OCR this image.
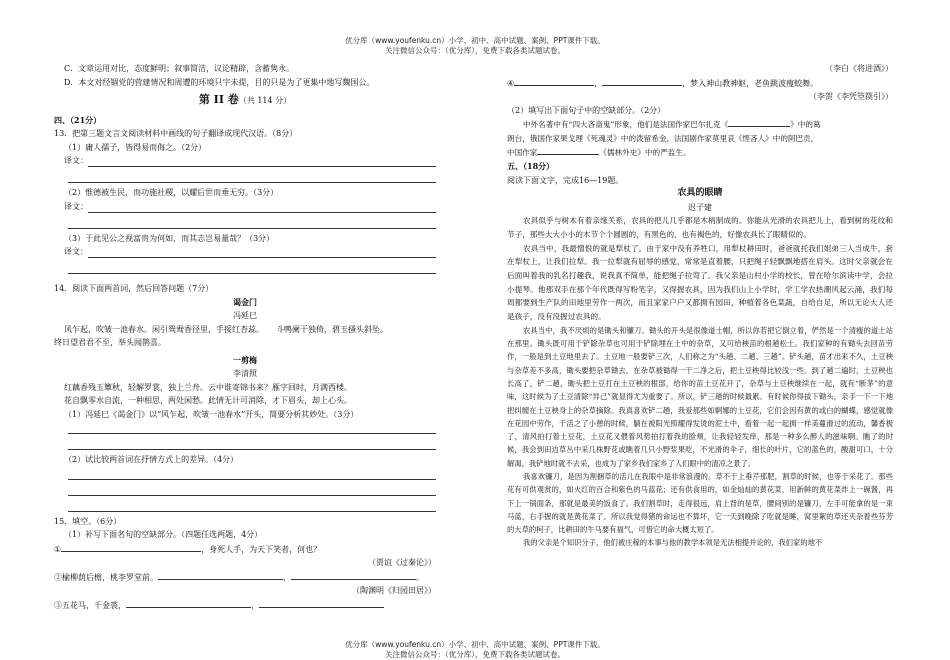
优分库（www.youfenku.cn）小学、初中、高中试题、案例、PPT课件下载。
关注微信公众号：（优分库），免费下载各类试题试卷。
C．文章运用对比，态度鲜明；叙事简洁，议论精辟，含蓄隽永。
D．本文对经锢党的营建情况和周遭的环境只字未提，目的只是为了更集中地写魏国公。
第 II 卷（共 114 分）
四、（21分）
13．把第三题文言文阅读材料中画线的句子翻译成现代汉语。（8分）
（1）庸人孺子，皆得易而侮之。（2分）
译文：
（2）惟德被生民，而功施社稷，以耀后世而垂无穷。（3分）
译文：
（3）于此见公之视富贵为何如，而其志岂易量哉？（3分）
译文：
14．阅读下面两首词，然后回答问题（7分）
谒金门
冯延巳

风乍起，吹皱一池春水。闲引鸳鸯香径里，手挼红杏蕊。　　斗鸭阑干独倚，碧玉搔头斜坠。

终日望君君不至，举头闻鹊喜。

一剪梅
李清照

红藕香残玉簟秋，轻解罗裳，独上兰舟。云中谁寄锦书来？雁字回时，月满西楼。

花自飘零水自流，一种相思，两处闲愁。此情无计可消除，才下眉头，却上心头。

（1）冯延巳《谒金门》以“风乍起，吹皱一池春水”开头，简要分析其妙处。（3分）
（2）试比较两首词在抒情方式上的差异。（4分）
15．填空。（6分）
（1）补写下面名句的空缺部分。（四题任选两题，4分）
①	，身死人手，为天下笑者，何也？
（贾谊《过秦论》）
②榆柳荫后檐，桃李罗堂前。	，	。
（陶渊明《归园田居》）
③五花马，千金裘，	，
（李白《将进酒》）
④	，	，梦入神山教神妪，老鱼跳波瘦蛟舞。
（李贺《李凭箜篌引》）
（2）填写出下面句子中的空缺部分。（2分）

中外名著中有“四大吝啬鬼”形象，他们是法国作家巴尔扎克《	》中的葛

朗台，俄国作家果戈理《死魂灵》中的泼留希金，法国剧作家莫里哀《悭吝人》中的阿巴贡，

中国作家	《儒林外史》中的严监生。

五、（18分）
阅读下面文字，完成16—19题。
农具的眼睛
迟子建

农具似乎与树木有着亲缘关系，农具的把儿几乎都是木柄制成的。你能从光滑的农具把儿上，看到树的花纹和节子，那些大大小小的木节个个圆圆的，有黑色的，也有褐色的，好像农具长了眼睛似的。

农具当中，我最憎恨的就是犁杖了。由于家中没有养牲口，用犁杖耕田时，爸爸就托我们姐弟三人当成牛，套在犁杖上，让我们拉犁。我一拉犁就有屈辱的感觉，常常是直着腰，只把绳子轻飘飘地搭在肩头。这时父亲就会在后面叫着我的乳名打趣我，说我真不简单，能把绳子拉弯了。我父亲是山村小学的校长，曾在哈尔滨读中学，会拉小提琴。他那双手在那个年代既得写粉笔字，又得握农具，因为我们山上小学时，学工学农热潮风起云涌，我们每周都要到生产队的田地里劳作一两次，而且家家户户又都拥有园田，种植着各色菜蔬，自给自足，所以无论大人还是孩子，没有没握过农具的。

农具当中，我不厌烦的是锄头和镰刀。锄头的开头是很像道士帽，所以你若把它倒立着，俨然是一个清瘦的道士站在那里。锄头既可用于铲除杂草也可用于铲除埋在土中的杂草，又可给秧苗的根趟松土。我们家种的有锄头去回苗劳作，一般是到土豆地里去了。土豆地一般要铲三次，人们称之为“头趟、二趟、三趟”。铲头趟，苗才出来不久，土豆秧与杂草差不多高，锄头要把杂草锄去，在杂草被锄得一干二净之后，把土豆秧得比较浅一些。到了趟二遍时，土豆秧也长高了，铲二趟，锄头把土豆打在土豆秧的根部，给你的苗土豆花开了，杂草与土豆秧继续在一起，就有“断茅”的意味，这时候为了土豆清除“异己”就显得尤为重要了。所以，铲三趟的时候最累。有时候你得拔下锄头，亲手一下一下地把纠缠在土豆秧身上的杂草摘除。我真喜欢铲二趟，我爱那些如婀娜的土豆花，它们会因有黄的或白的蝴蝶，感觉就像在花园中劳作，干活之了小憩的时候，躺在被阳光照耀得发烫的泥土中，看着一起一起拥一样美蔓滑过的流动，馨香极了，清风拍打着土豆花，土豆花又偎着风势拍打着我的脸颊，让我轻轻发痒，那是一种多么醉人的滋味啊。瞧了的时候，我会到田边草丛中采几株野花或瞧着几只小野浆果吃，不光滑的伞子，细长的叶片，它的蓝色的，酸甜可口，十分解渴。我铲地时就不去采，也成为了家乡我们家乡了人们眼中的清凉之景了。

我喜欢镰刀，是因为割捆草的活儿在我眼中是非常浪漫的。草不于上垂芹那肥，割草的时候，也等于采花了。那些花有可供观赏的，如火红的百合和紫色的马蓝花；还有供食用的，如金灿灿的黄花菜，用新鲜的黄花菜炸上一碗酱，再下上一锅面条，那就是最美的饭食了。我们割草时，走得很远，肩上背的是草，腰间别的是镰刀，左手可能拿的是一束马蓝，右手握的就是黄花菜了。所以我觉得猪的命运也不算坏，它一天到晚除了吃就是睡，窝里絮的草还夹杂着些芬芳的大草的柯子，比耕田的牛马要有福气，可惜它的命大概太短了。

我的父亲是个知识分子，他们被庄稼的本事与他的教学本领是无法相提并论的，我们家的地不

优分库（www.youfenku.cn）小学、初中、高中试题、案例、PPT课件下载。
关注微信公众号：（优分库），免费下载各类试题试卷。
